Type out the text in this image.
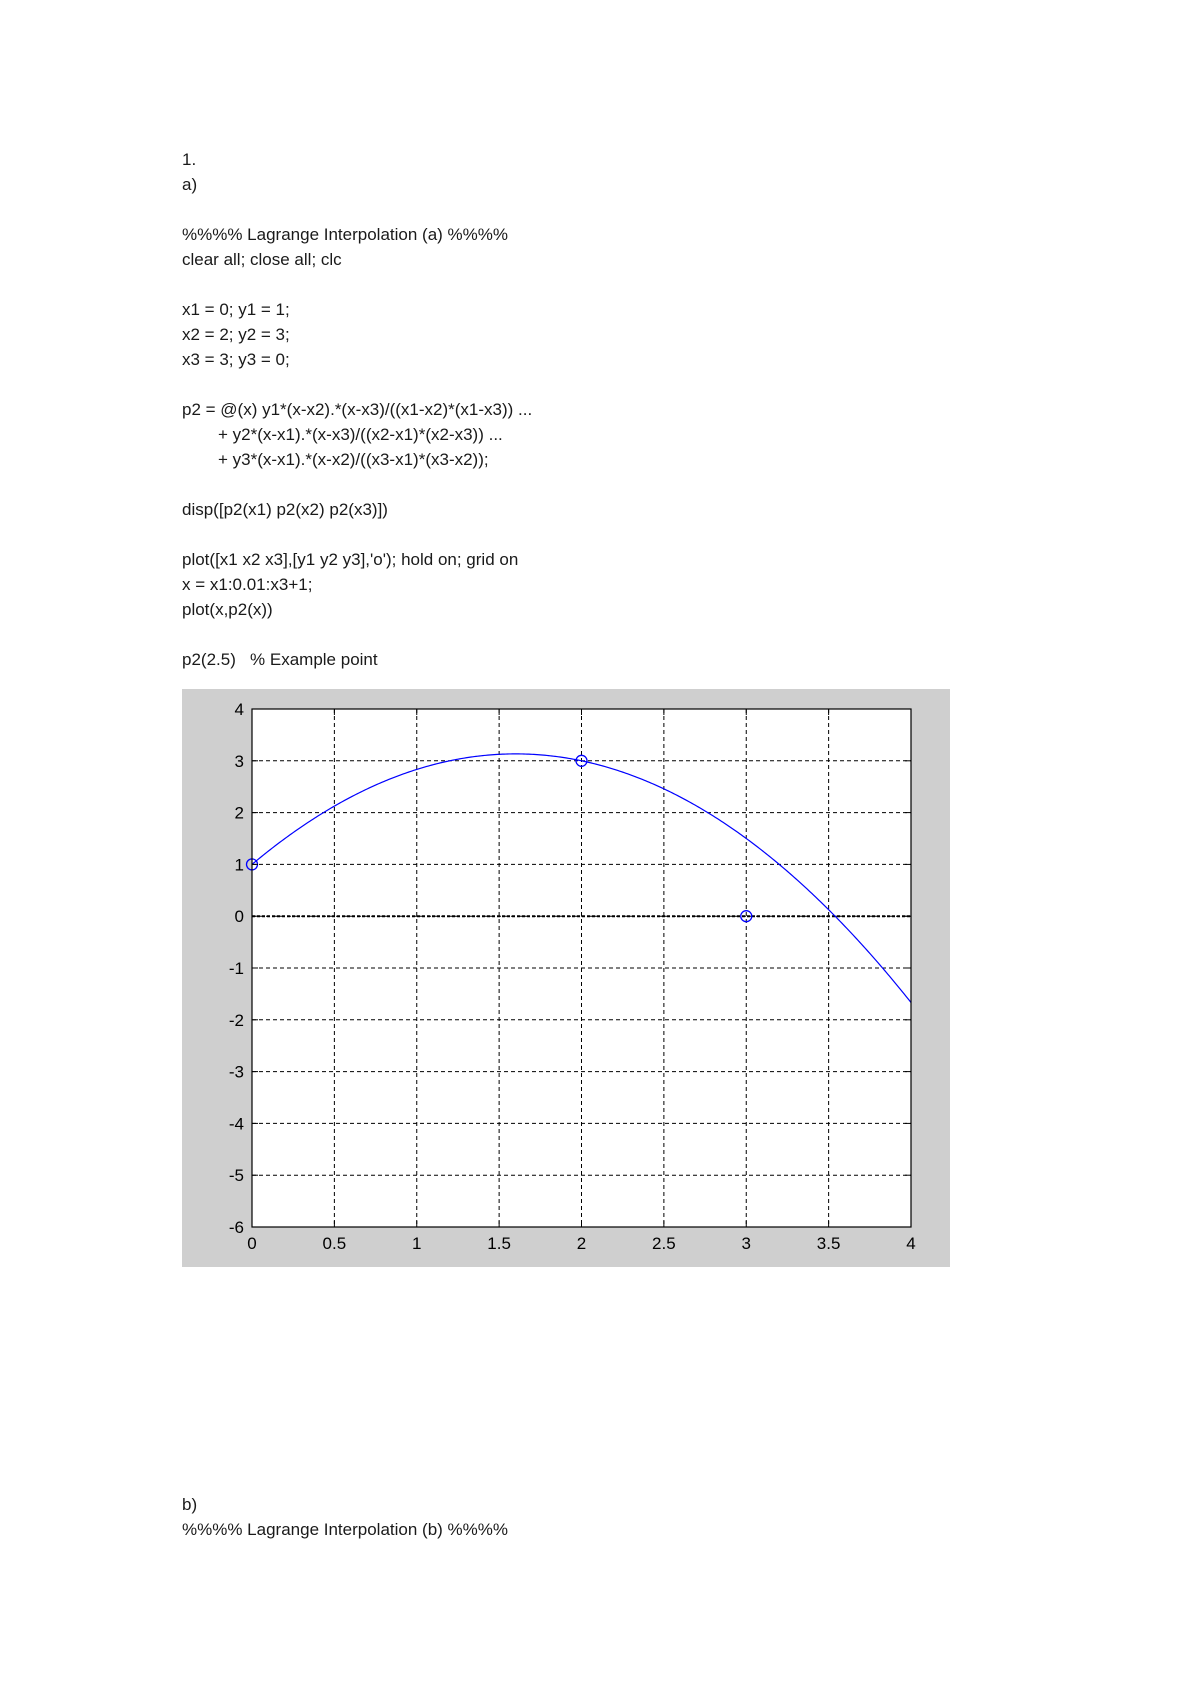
1.
a)
%%%% Lagrange Interpolation (a) %%%%
clear all; close all; clc
x1 = 0; y1 = 1;
x2 = 2; y2 = 3;
x3 = 3; y3 = 0;
p2 = @(x) y1*(x-x2).*(x-x3)/((x1-x2)*(x1-x3)) ...
+ y2*(x-x1).*(x-x3)/((x2-x1)*(x2-x3)) ...
+ y3*(x-x1).*(x-x2)/((x3-x1)*(x3-x2));
disp([p2(x1) p2(x2) p2(x3)])
plot([x1 x2 x3],[y1 y2 y3],'o'); hold on; grid on
x = x1:0.01:x3+1;
plot(x,p2(x))
p2(2.5)   % Example point
0	0.5	1	1.5	2	2.5	3	3.5	4
4
3
2
1
0
-1
-2
-3
-4
-5
-6
b)
%%%% Lagrange Interpolation (b) %%%%
